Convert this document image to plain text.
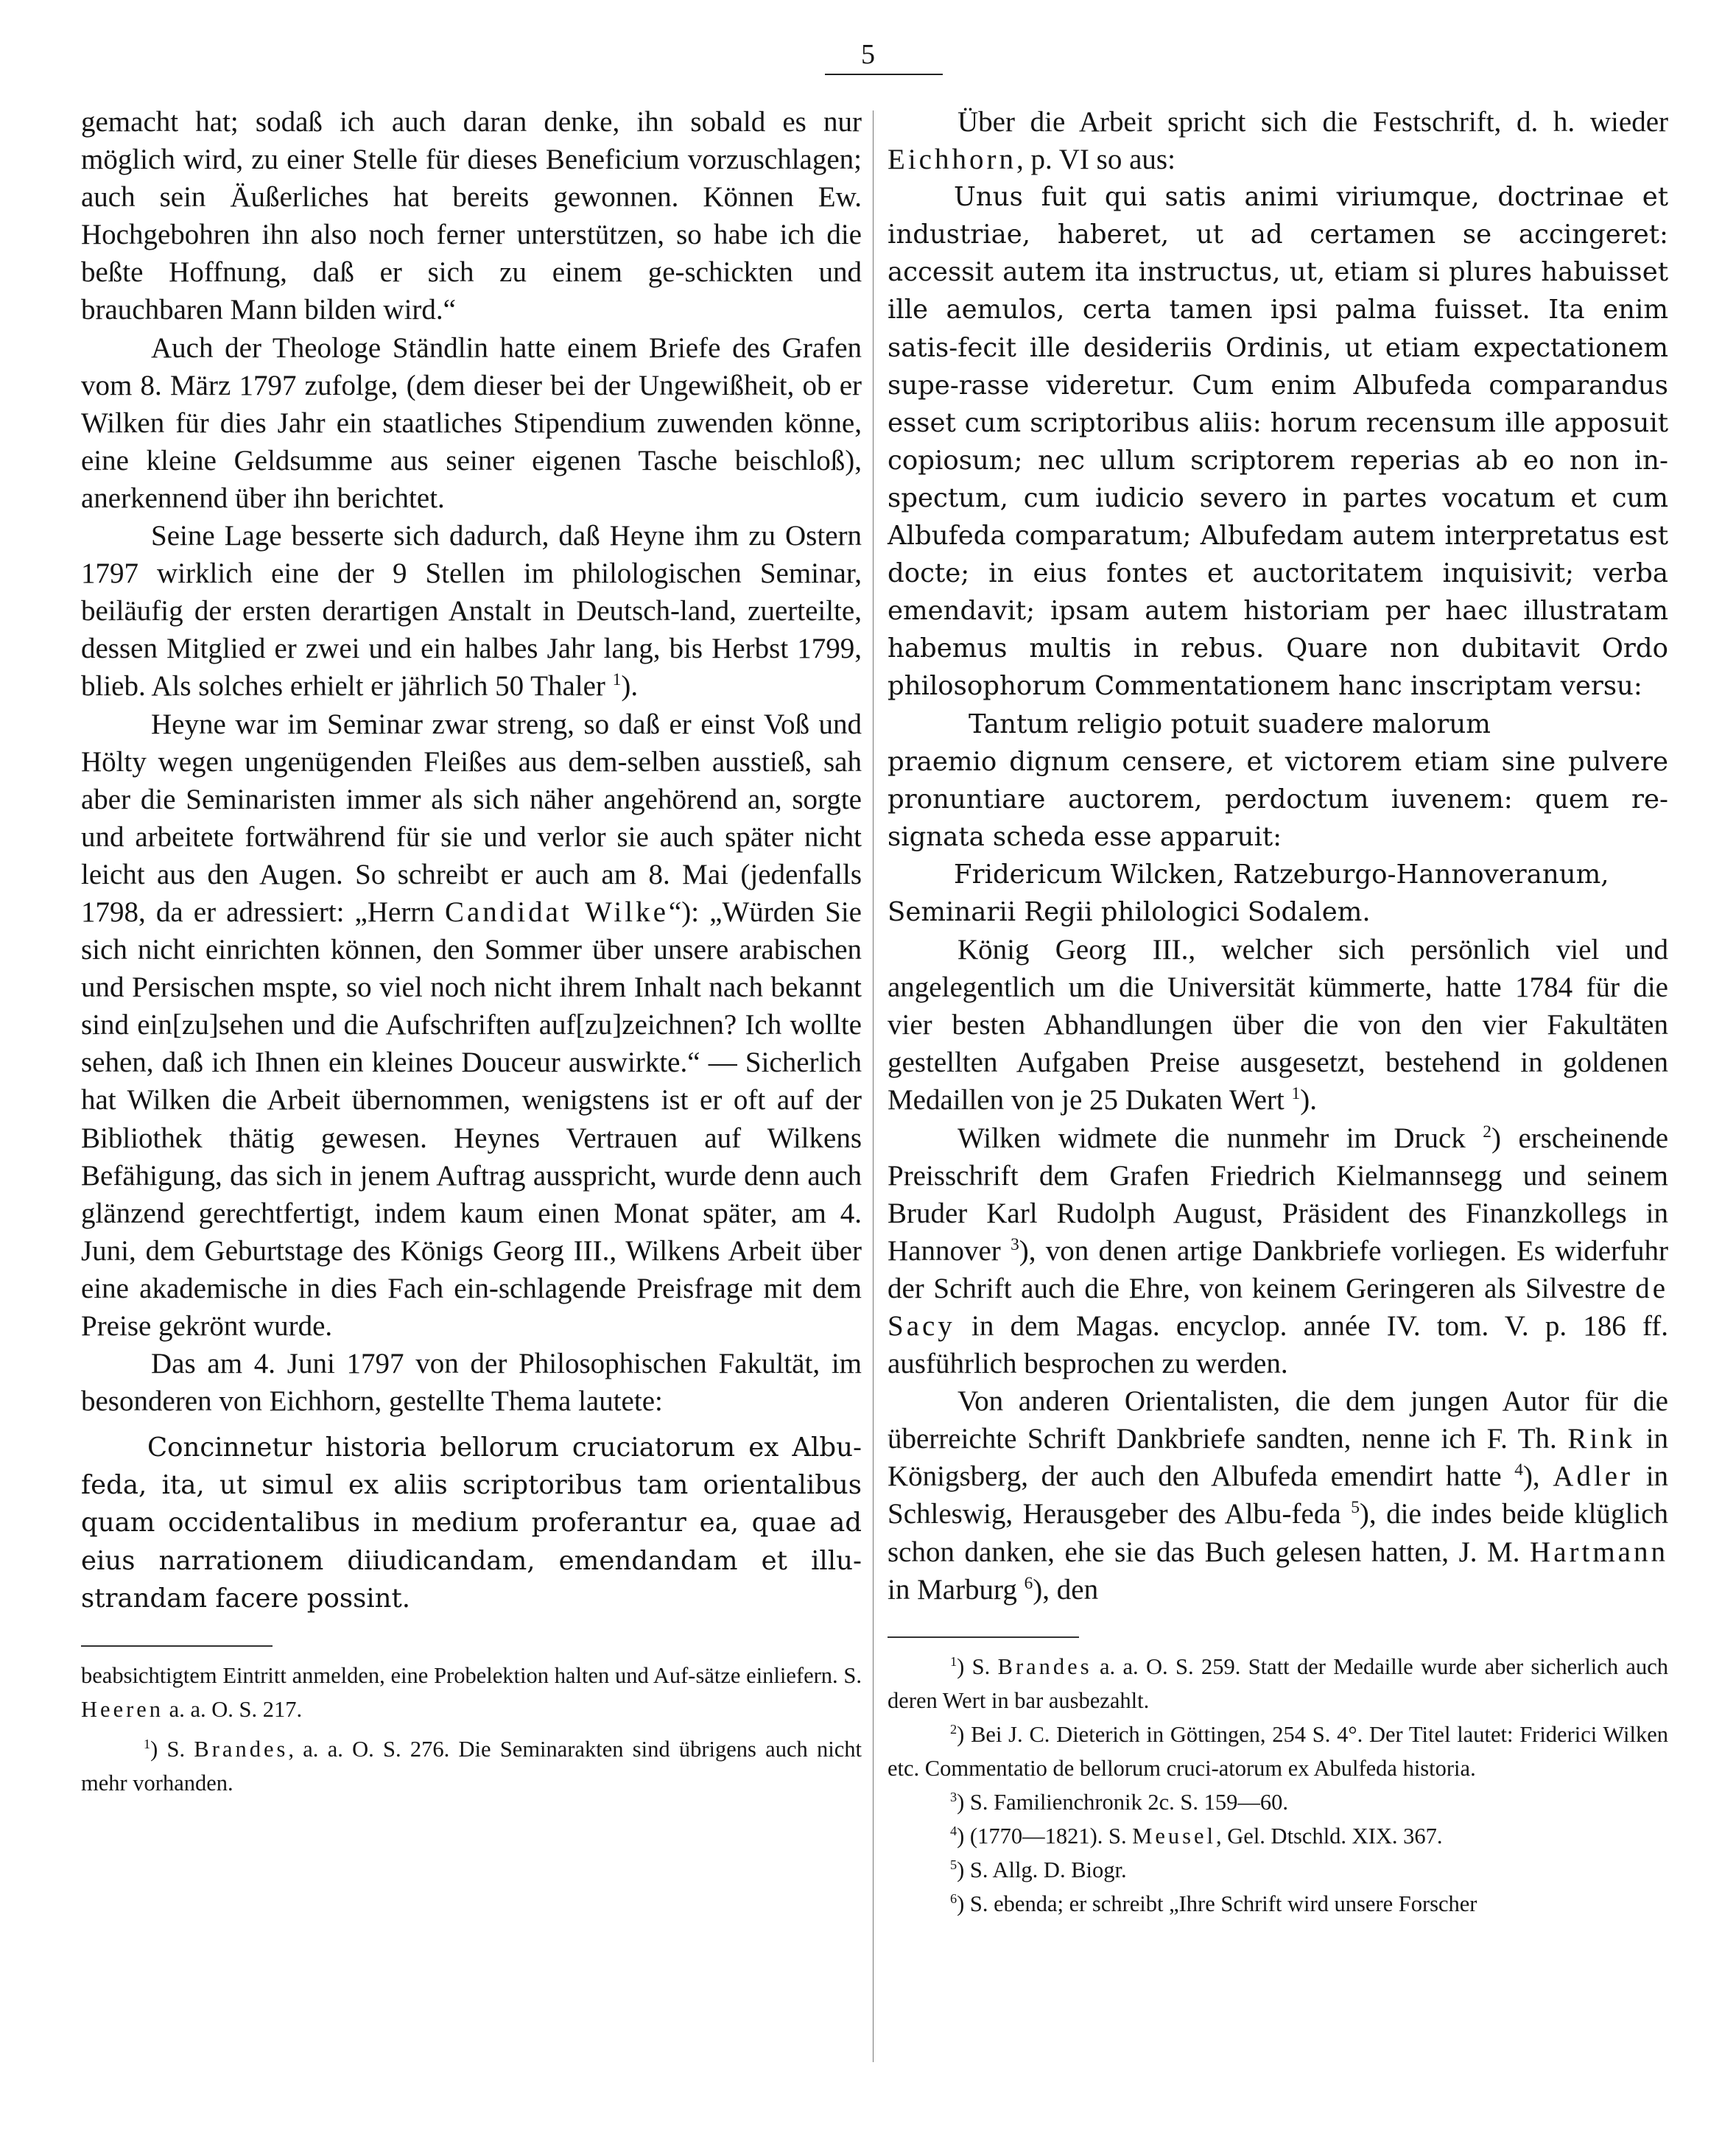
5

gemacht hat; sodaß ich auch daran denke, ihn sobald es nur möglich wird, zu einer Stelle für dieses Beneficium vorzuschlagen; auch sein Äußerliches hat bereits gewonnen. Können Ew. Hochgebohren ihn also noch ferner unterstützen, so habe ich die beßte Hoffnung, daß er sich zu einem ge-schickten und brauchbaren Mann bilden wird.“

Auch der Theologe Ständlin hatte einem Briefe des Grafen vom 8. März 1797 zufolge, (dem dieser bei der Ungewißheit, ob er Wilken für dies Jahr ein staatliches Stipendium zuwenden könne, eine kleine Geldsumme aus seiner eigenen Tasche beischloß), anerkennend über ihn berichtet.

Seine Lage besserte sich dadurch, daß Heyne ihm zu Ostern 1797 wirklich eine der 9 Stellen im philologischen Seminar, beiläufig der ersten derartigen Anstalt in Deutsch-land, zuerteilte, dessen Mitglied er zwei und ein halbes Jahr lang, bis Herbst 1799, blieb. Als solches erhielt er jährlich 50 Thaler $^1$).

Heyne war im Seminar zwar streng, so daß er einst Voß und Hölty wegen ungenügenden Fleißes aus dem-selben ausstieß, sah aber die Seminaristen immer als sich näher angehörend an, sorgte und arbeitete fortwährend für sie und verlor sie auch später nicht leicht aus den Augen. So schreibt er auch am 8. Mai (jedenfalls 1798, da er adressiert: „Herrn Candidat Wilke“): „Würden Sie sich nicht einrichten können, den Sommer über unsere arabischen und Persischen mspte, so viel noch nicht ihrem Inhalt nach bekannt sind ein[zu]sehen und die Aufschriften auf[zu]zeichnen? Ich wollte sehen, daß ich Ihnen ein kleines Douceur auswirkte.“ — Sicherlich hat Wilken die Arbeit übernommen, wenigstens ist er oft auf der Bibliothek thätig gewesen. Heynes Vertrauen auf Wilkens Befähigung, das sich in jenem Auftrag ausspricht, wurde denn auch glänzend gerechtfertigt, indem kaum einen Monat später, am 4. Juni, dem Geburtstage des Königs Georg III., Wilkens Arbeit über eine akademische in dies Fach ein-schlagende Preisfrage mit dem Preise gekrönt wurde.

Das am 4. Juni 1797 von der Philosophischen Fakultät, im besonderen von Eichhorn, gestellte Thema lautete:

Concinnetur historia bellorum cruciatorum ex Albu-feda, ita, ut simul ex aliis scriptoribus tam orientalibus quam occidentalibus in medium proferantur ea, quae ad eius narrationem diiudicandam, emendandam et illu-strandam facere possint.

beabsichtigtem Eintritt anmelden, eine Probelektion halten und Auf-sätze einliefern. S. Heeren a. a. O. S. 217.

$^1$) S. Brandes, a. a. O. S. 276. Die Seminarakten sind übrigens auch nicht mehr vorhanden.

Über die Arbeit spricht sich die Festschrift, d. h. wieder Eichhorn, p. VI so aus:

Unus fuit qui satis animi viriumque, doctrinae et industriae, haberet, ut ad certamen se accingeret: accessit autem ita instructus, ut, etiam si plures habuisset ille aemulos, certa tamen ipsi palma fuisset. Ita enim satis-fecit ille desideriis Ordinis, ut etiam expectationem supe-rasse videretur. Cum enim Albufeda comparandus esset cum scriptoribus aliis: horum recensum ille apposuit copiosum; nec ullum scriptorem reperias ab eo non in-spectum, cum iudicio severo in partes vocatum et cum Albufeda comparatum; Albufedam autem interpretatus est docte; in eius fontes et auctoritatem inquisivit; verba emendavit; ipsam autem historiam per haec illustratam habemus multis in rebus. Quare non dubitavit Ordo philosophorum Commentationem hanc inscriptam versu:

Tantum religio potuit suadere malorum

praemio dignum censere, et victorem etiam sine pulvere pronuntiare auctorem, perdoctum iuvenem: quem re-signata scheda esse apparuit:

Fridericum Wilcken, Ratzeburgo-Hannoveranum,

Seminarii Regii philologici Sodalem.

König Georg III., welcher sich persönlich viel und angelegentlich um die Universität kümmerte, hatte 1784 für die vier besten Abhandlungen über die von den vier Fakultäten gestellten Aufgaben Preise ausgesetzt, bestehend in goldenen Medaillen von je 25 Dukaten Wert $^1$).

Wilken widmete die nunmehr im Druck $^2$) erscheinende Preisschrift dem Grafen Friedrich Kielmannsegg und seinem Bruder Karl Rudolph August, Präsident des Finanzkollegs in Hannover $^3$), von denen artige Dankbriefe vorliegen. Es widerfuhr der Schrift auch die Ehre, von keinem Geringeren als Silvestre de Sacy in dem Magas. encyclop. année IV. tom. V. p. 186 ff. ausführlich besprochen zu werden.

Von anderen Orientalisten, die dem jungen Autor für die überreichte Schrift Dankbriefe sandten, nenne ich F. Th. Rink in Königsberg, der auch den Albufeda emendirt hatte $^4$), Adler in Schleswig, Herausgeber des Albu-feda $^5$), die indes beide klüglich schon danken, ehe sie das Buch gelesen hatten, J. M. Hartmann in Marburg $^6$), den

$^1$) S. Brandes a. a. O. S. 259. Statt der Medaille wurde aber sicherlich auch deren Wert in bar ausbezahlt.

$^2$) Bei J. C. Dieterich in Göttingen, 254 S. 4°. Der Titel lautet: Friderici Wilken etc. Commentatio de bellorum cruci-atorum ex Abulfeda historia.

$^3$) S. Familienchronik 2c. S. 159—60.

$^4$) (1770—1821). S. Meusel, Gel. Dtschld. XIX. 367.

$^5$) S. Allg. D. Biogr.

$^6$) S. ebenda; er schreibt „Ihre Schrift wird unsere Forscher
